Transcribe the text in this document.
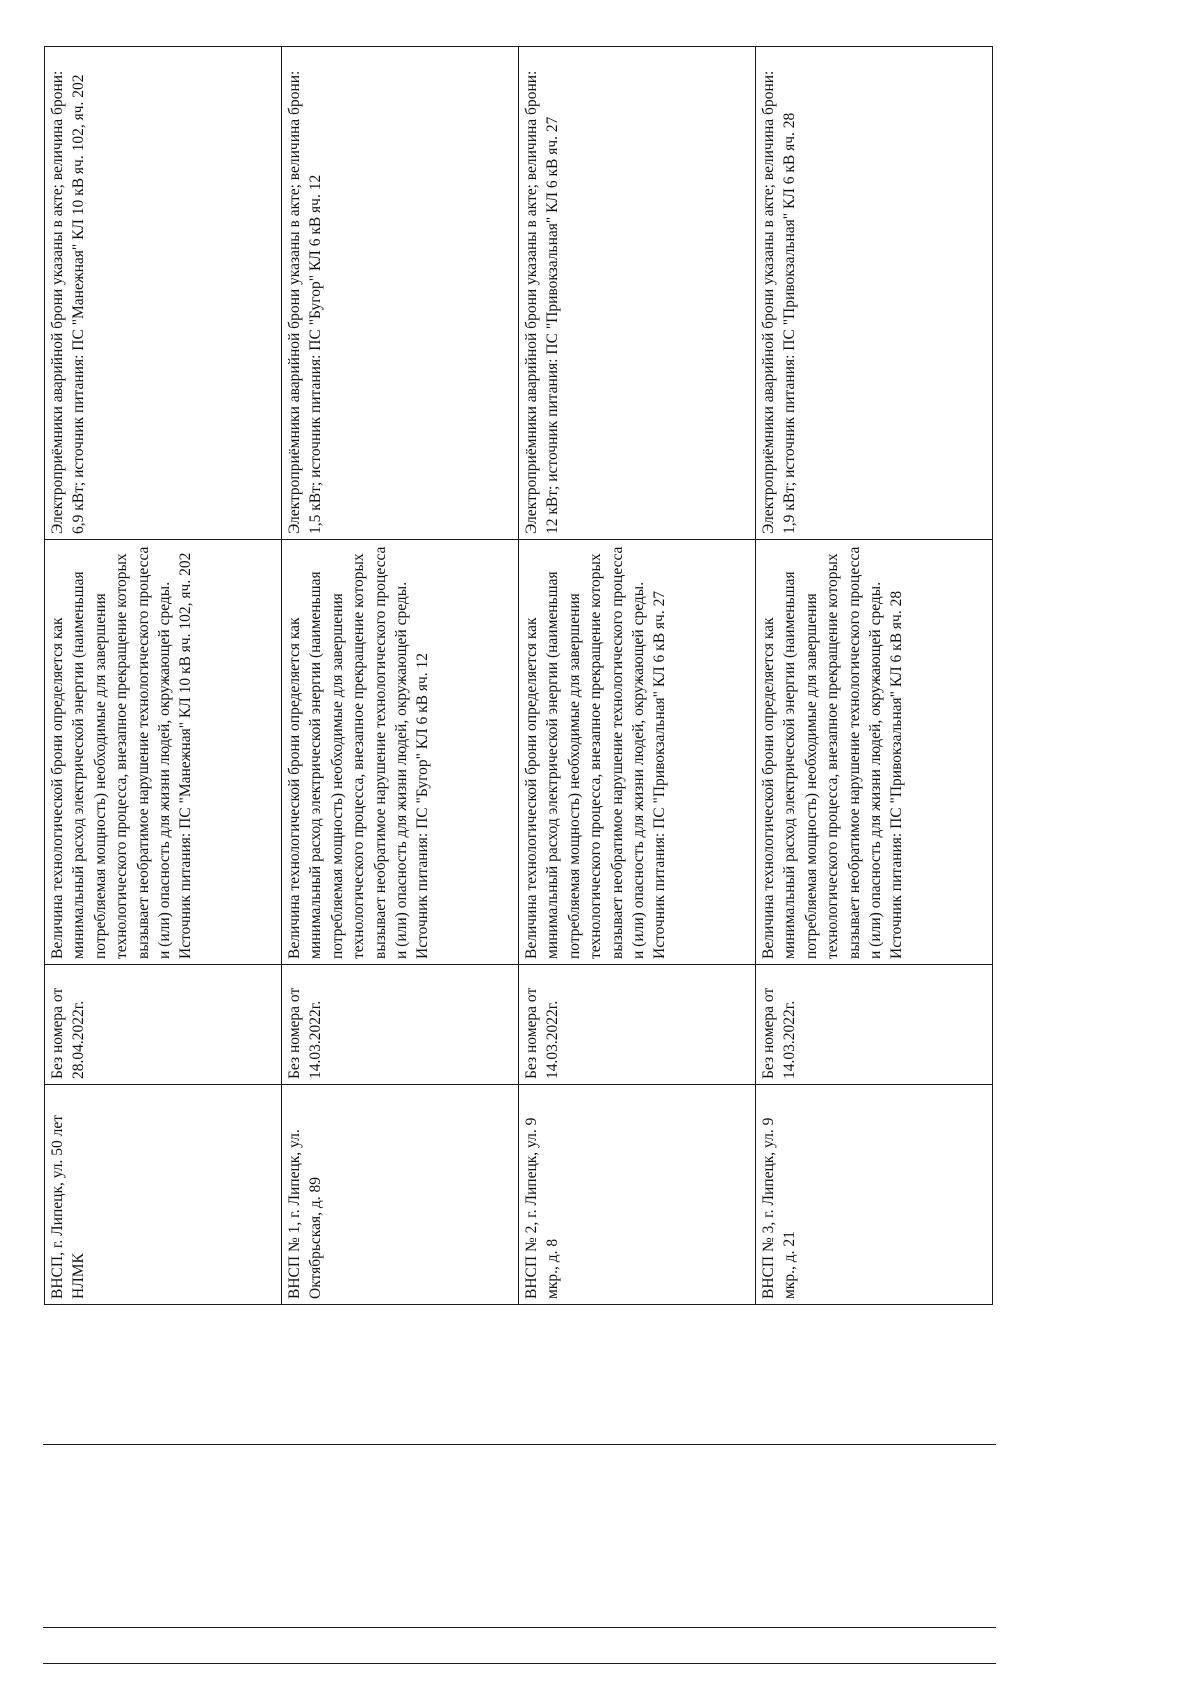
ВНСП, г. Липецк, ул. 50 лет НЛМК	Без номера от 28.04.2022г.	Величина технологической брони определяется как минимальный расход электрической энергии (наименьшая потребляемая мощность) необходимые для завершения технологического процесса, внезапное прекращение которых вызывает необратимое нарушение технологического процесса и (или) опасность для жизни людей, окружающей среды. Источник питания: ПС "Манежная" КЛ 10 кВ яч. 102, яч. 202	Электроприёмники аварийной брони указаны в акте; величина брони: 6,9 кВт; источник питания: ПС "Манежная" КЛ 10 кВ яч. 102, яч. 202

ВНСП № 1, г. Липецк, ул. Октябрьская, д. 89	Без номера от 14.03.2022г.	Величина технологической брони определяется как минимальный расход электрической энергии (наименьшая потребляемая мощность) необходимые для завершения технологического процесса, внезапное прекращение которых вызывает необратимое нарушение технологического процесса и (или) опасность для жизни людей, окружающей среды. Источник питания: ПС "Бугор" КЛ 6 кВ яч. 12	Электроприёмники аварийной брони указаны в акте; величина брони: 1,5 кВт; источник питания: ПС "Бугор" КЛ 6 кВ яч. 12

ВНСП № 2, г. Липецк, ул. 9 мкр., д. 8	Без номера от 14.03.2022г.	Величина технологической брони определяется как минимальный расход электрической энергии (наименьшая потребляемая мощность) необходимые для завершения технологического процесса, внезапное прекращение которых вызывает необратимое нарушение технологического процесса и (или) опасность для жизни людей, окружающей среды. Источник питания: ПС "Привокзальная" КЛ 6 кВ яч. 27	Электроприёмники аварийной брони указаны в акте; величина брони: 12 кВт; источник питания: ПС "Привокзальная" КЛ 6 кВ яч. 27

ВНСП № 3, г. Липецк, ул. 9 мкр., д. 21	Без номера от 14.03.2022г.	Величина технологической брони определяется как минимальный расход электрической энергии (наименьшая потребляемая мощность) необходимые для завершения технологического процесса, внезапное прекращение которых вызывает необратимое нарушение технологического процесса и (или) опасность для жизни людей, окружающей среды. Источник питания: ПС "Привокзальная" КЛ 6 кВ яч. 28	Электроприёмники аварийной брони указаны в акте; величина брони: 1,9 кВт; источник питания: ПС "Привокзальная" КЛ 6 кВ яч. 28
